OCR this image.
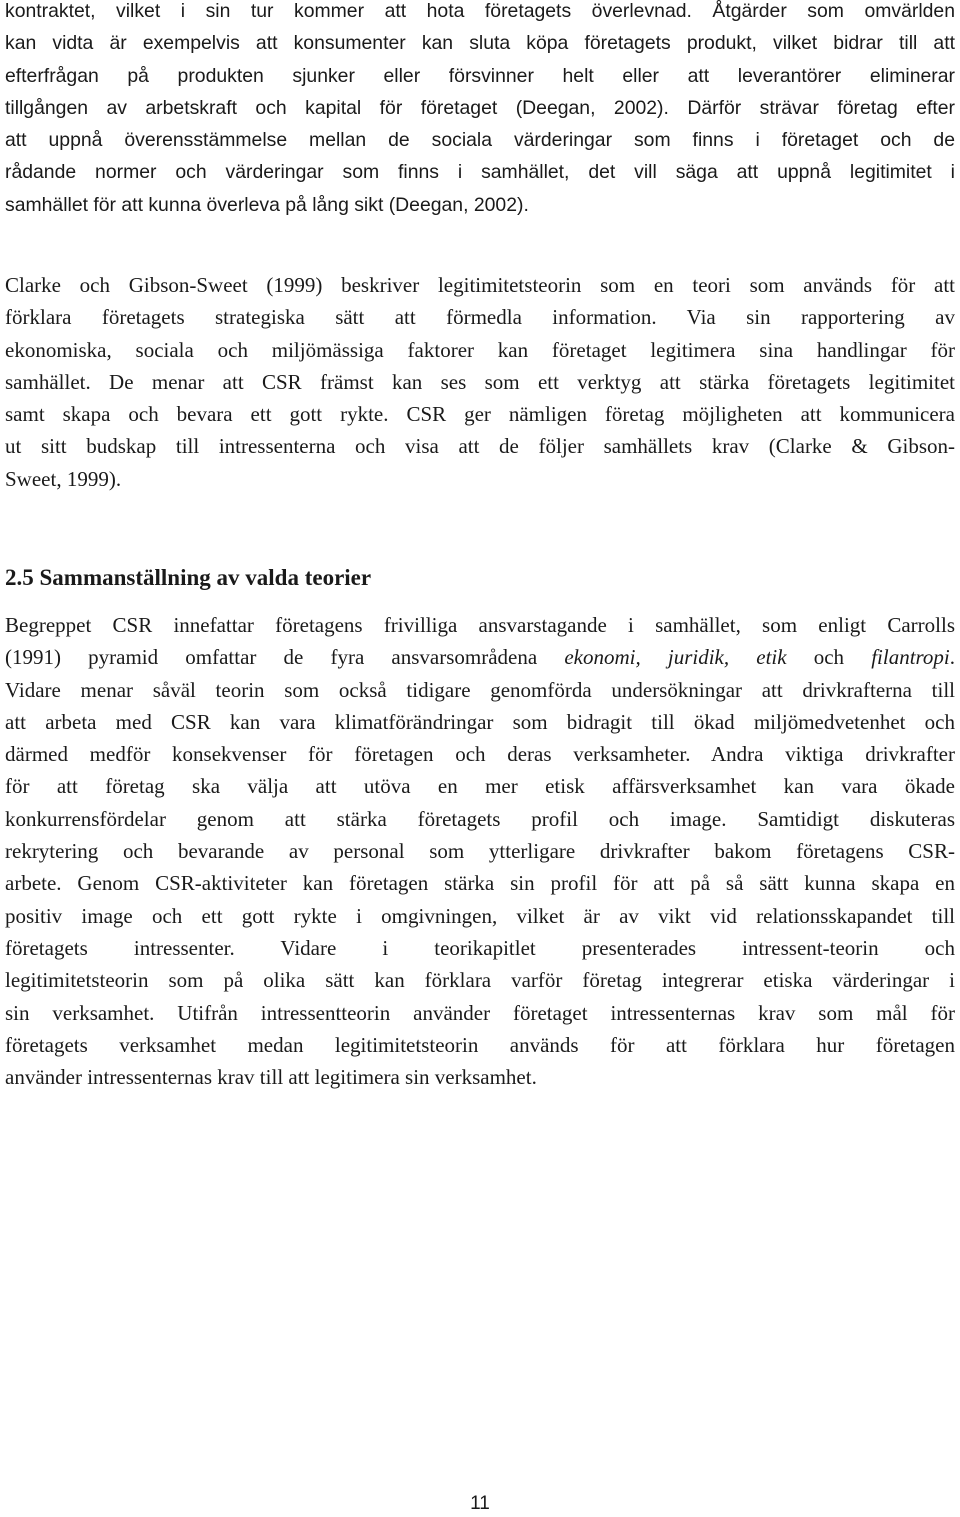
kontraktet, vilket i sin tur kommer att hota företagets överlevnad. Åtgärder som omvärlden
kan vidta är exempelvis att konsumenter kan sluta köpa företagets produkt, vilket bidrar till att
efterfrågan på produkten sjunker eller försvinner helt eller att leverantörer eliminerar
tillgången av arbetskraft och kapital för företaget (Deegan, 2002). Därför strävar företag efter
att uppnå överensstämmelse mellan de sociala värderingar som finns i företaget och de
rådande normer och värderingar som finns i samhället, det vill säga att uppnå legitimitet i
samhället för att kunna överleva på lång sikt (Deegan, 2002).
Clarke och Gibson-Sweet (1999) beskriver legitimitetsteorin som en teori som används för att
förklara företagets strategiska sätt att förmedla information. Via sin rapportering av
ekonomiska, sociala och miljömässiga faktorer kan företaget legitimera sina handlingar för
samhället. De menar att CSR främst kan ses som ett verktyg att stärka företagets legitimitet
samt skapa och bevara ett gott rykte. CSR ger nämligen företag möjligheten att kommunicera
ut sitt budskap till intressenterna och visa att de följer samhällets krav (Clarke & Gibson-
Sweet, 1999).
2.5 Sammanställning av valda teorier
Begreppet CSR innefattar företagens frivilliga ansvarstagande i samhället, som enligt Carrolls
(1991) pyramid omfattar de fyra ansvarsområdena ekonomi, juridik, etik och filantropi.
Vidare menar såväl teorin som också tidigare genomförda undersökningar att drivkrafterna till
att arbeta med CSR kan vara klimatförändringar som bidragit till ökad miljömedvetenhet och
därmed medför konsekvenser för företagen och deras verksamheter. Andra viktiga drivkrafter
för att företag ska välja att utöva en mer etisk affärsverksamhet kan vara ökade
konkurrensfördelar genom att stärka företagets profil och image. Samtidigt diskuteras
rekrytering och bevarande av personal som ytterligare drivkrafter bakom företagens CSR-
arbete. Genom CSR-aktiviteter kan företagen stärka sin profil för att på så sätt kunna skapa en
positiv image och ett gott rykte i omgivningen, vilket är av vikt vid relationsskapandet till
företagets intressenter. Vidare i teorikapitlet presenterades intressent-teorin och
legitimitetsteorin som på olika sätt kan förklara varför företag integrerar etiska värderingar i
sin verksamhet. Utifrån intressentteorin använder företaget intressenternas krav som mål för
företagets verksamhet medan legitimitetsteorin används för att förklara hur företagen
använder intressenternas krav till att legitimera sin verksamhet.
11
